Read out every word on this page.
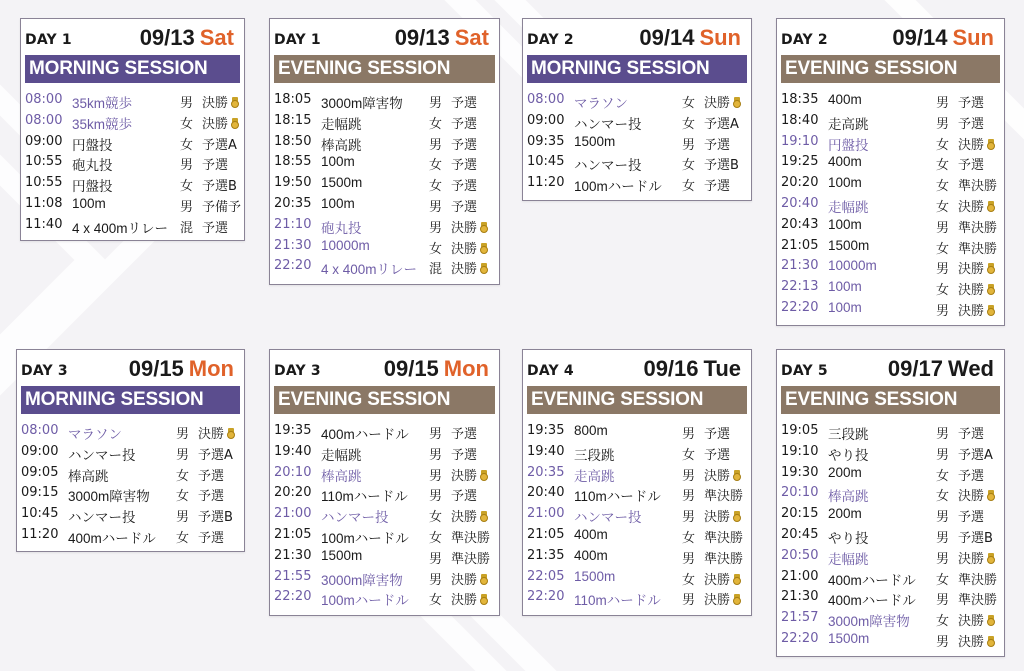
DAY 1	09/13 Sat
MORNING SESSION
08:00 35km競歩	男 決勝
08:00 35km競歩	女 決勝
09:00 円盤投	女 予選A
10:55 砲丸投	男 予選
10:55 円盤投	女 予選B
11:08 100m	男 予備予
11:40 4 x 400mリレー 混 予選
DAY 1	09/13 Sat
EVENING SESSION
18:05 3000m障害物 男 予選
18:15 走幅跳	女 予選
18:50 棒高跳	男 予選
18:55 100m	女 予選
19:50 1500m	女 予選
20:35 100m	男 予選
21:10 砲丸投	男 決勝
21:30 10000m	女 決勝
22:20 4 x 400mリレー 混 決勝
DAY 2	09/14 Sun
MORNING SESSION
08:00 マラソン	女 決勝
09:00 ハンマー投	女 予選A
09:35 1500m	男 予選
10:45 ハンマー投	女 予選B
11:20 100mハードル 女 予選
DAY 2	09/14 Sun
EVENING SESSION
18:35 400m	男 予選
18:40 走高跳	男 予選
19:10 円盤投	女 決勝
19:25 400m	女 予選
20:20 100m	女 準決勝
20:40 走幅跳	女 決勝
20:43 100m	男 準決勝
21:05 1500m	女 準決勝
21:30 10000m	男 決勝
22:13 100m	女 決勝
22:20 100m	男 決勝
DAY 3	09/15 Mon
MORNING SESSION
08:00 マラソン	男 決勝
09:00 ハンマー投	男 予選A
09:05 棒高跳	女 予選
09:15 3000m障害物 女 予選
10:45 ハンマー投	男 予選B
11:20 400mハードル 女 予選
DAY 3	09/15 Mon
EVENING SESSION
19:35 400mハードル 男 予選
19:40 走幅跳	男 予選
20:10 棒高跳	男 決勝
20:20 110mハードル 男 予選
21:00 ハンマー投	女 決勝
21:05 100mハードル 女 準決勝
21:30 1500m	男 準決勝
21:55 3000m障害物 男 決勝
22:20 100mハードル 女 決勝
DAY 4	09/16 Tue
EVENING SESSION
19:35 800m	男 予選
19:40 三段跳	女 予選
20:35 走高跳	男 決勝
20:40 110mハードル 男 準決勝
21:00 ハンマー投	男 決勝
21:05 400m	女 準決勝
21:35 400m	男 準決勝
22:05 1500m	女 決勝
22:20 110mハードル 男 決勝
DAY 5	09/17 Wed
EVENING SESSION
19:05 三段跳	男 予選
19:10 やり投	男 予選A
19:30 200m	女 予選
20:10 棒高跳	女 決勝
20:15 200m	男 予選
20:45 やり投	男 予選B
20:50 走幅跳	男 決勝
21:00 400mハードル 女 準決勝
21:30 400mハードル 男 準決勝
21:57 3000m障害物 女 決勝
22:20 1500m	男 決勝
